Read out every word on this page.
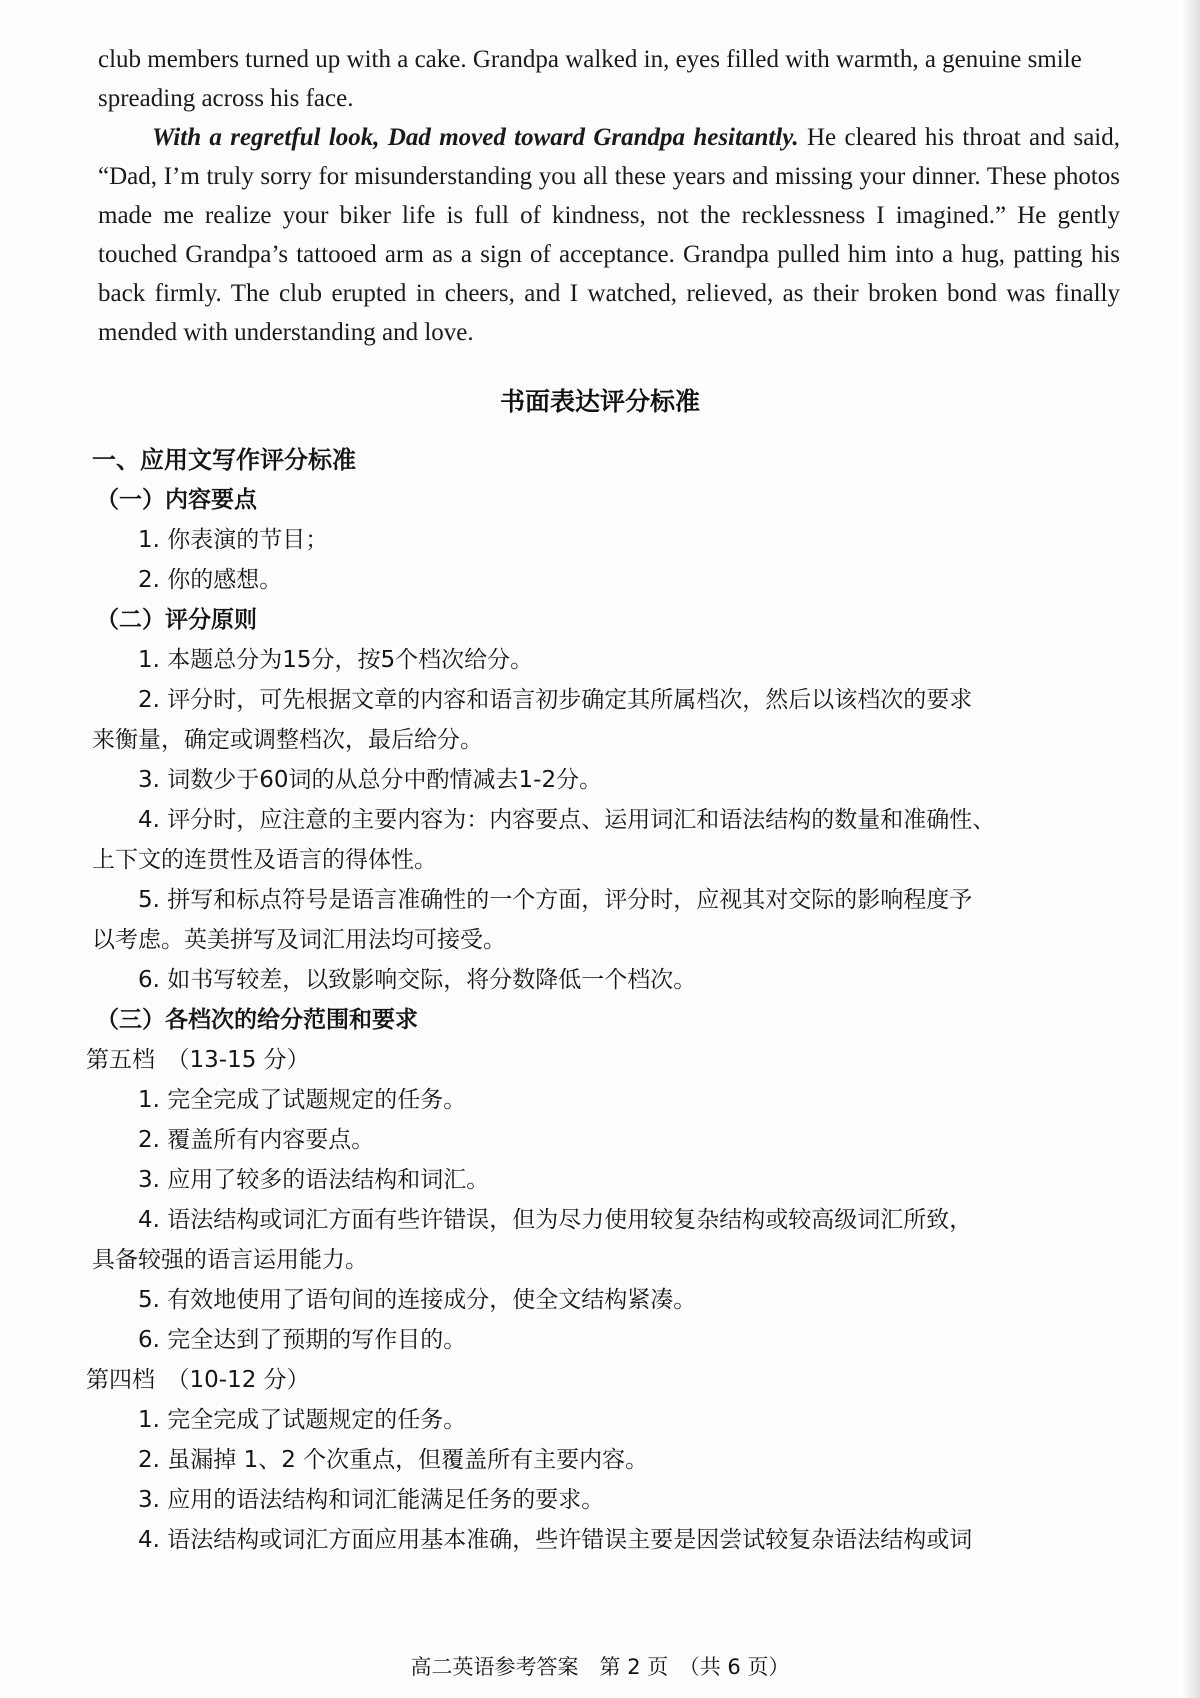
club members turned up with a cake. Grandpa walked in, eyes filled with warmth, a genuine smile spreading across his face.

With a regretful look, Dad moved toward Grandpa hesitantly. He cleared his throat and said, “Dad, I’m truly sorry for misunderstanding you all these years and missing your dinner. These photos made me realize your biker life is full of kindness, not the recklessness I imagined.” He gently touched Grandpa’s tattooed arm as a sign of acceptance. Grandpa pulled him into a hug, patting his back firmly. The club erupted in cheers, and I watched, relieved, as their broken bond was finally mended with understanding and love.

书面表达评分标准
一、应用文写作评分标准
（一）内容要点
1. 你表演的节目；
2. 你的感想。
（二）评分原则
1. 本题总分为15分，按5个档次给分。
2. 评分时，可先根据文章的内容和语言初步确定其所属档次，然后以该档次的要求
来衡量，确定或调整档次，最后给分。
3. 词数少于60词的从总分中酌情减去1-2分。
4. 评分时，应注意的主要内容为：内容要点、运用词汇和语法结构的数量和准确性、
上下文的连贯性及语言的得体性。
5. 拼写和标点符号是语言准确性的一个方面，评分时，应视其对交际的影响程度予
以考虑。英美拼写及词汇用法均可接受。
6. 如书写较差，以致影响交际，将分数降低一个档次。
（三）各档次的给分范围和要求
第五档　（13-15 分）
1. 完全完成了试题规定的任务。
2. 覆盖所有内容要点。
3. 应用了较多的语法结构和词汇。
4. 语法结构或词汇方面有些许错误，但为尽力使用较复杂结构或较高级词汇所致，
具备较强的语言运用能力。
5. 有效地使用了语句间的连接成分，使全文结构紧凑。
6. 完全达到了预期的写作目的。
第四档　（10-12 分）
1. 完全完成了试题规定的任务。
2. 虽漏掉 1、2 个次重点，但覆盖所有主要内容。
3. 应用的语法结构和词汇能满足任务的要求。
4. 语法结构或词汇方面应用基本准确，些许错误主要是因尝试较复杂语法结构或词
高二英语参考答案　第 2 页　（共 6 页）
